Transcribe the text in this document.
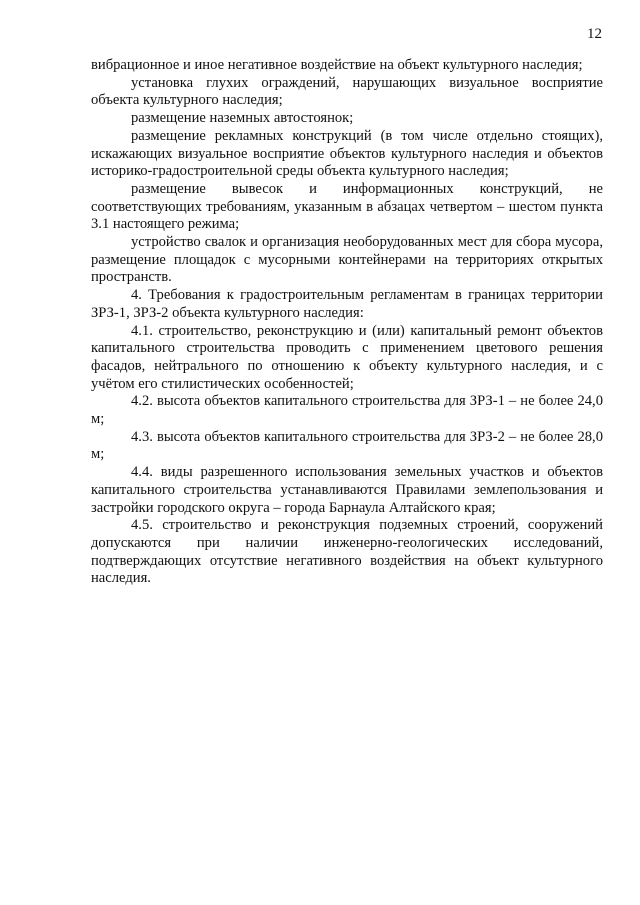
12

вибрационное и иное негативное воздействие на объект культурного наследия;

установка глухих ограждений, нарушающих визуальное восприятие объекта культурного наследия;

размещение наземных автостоянок;

размещение рекламных конструкций (в том числе отдельно стоящих), искажающих визуальное восприятие объектов культурного наследия и объектов историко-градостроительной среды объекта культурного наследия;

размещение вывесок и информационных конструкций, не соответствующих требованиям, указанным в абзацах четвертом – шестом пункта 3.1 настоящего режима;

устройство свалок и организация необорудованных мест для сбора мусора, размещение площадок с мусорными контейнерами на территориях открытых пространств.

4. Требования к градостроительным регламентам в границах территории ЗРЗ-1, ЗРЗ-2 объекта культурного наследия:

4.1. строительство, реконструкцию и (или) капитальный ремонт объектов капитального строительства проводить с применением цветового решения фасадов, нейтрального по отношению к объекту культурного наследия, и с учётом его стилистических особенностей;

4.2. высота объектов капитального строительства для ЗРЗ-1 – не более 24,0 м;

4.3. высота объектов капитального строительства для ЗРЗ-2 – не более 28,0 м;

4.4. виды разрешенного использования земельных участков и объектов капитального строительства устанавливаются Правилами землепользования и застройки городского округа – города Барнаула Алтайского края;

4.5. строительство и реконструкция подземных строений, сооружений допускаются при наличии инженерно-геологических исследований, подтверждающих отсутствие негативного воздействия на объект культурного наследия.
